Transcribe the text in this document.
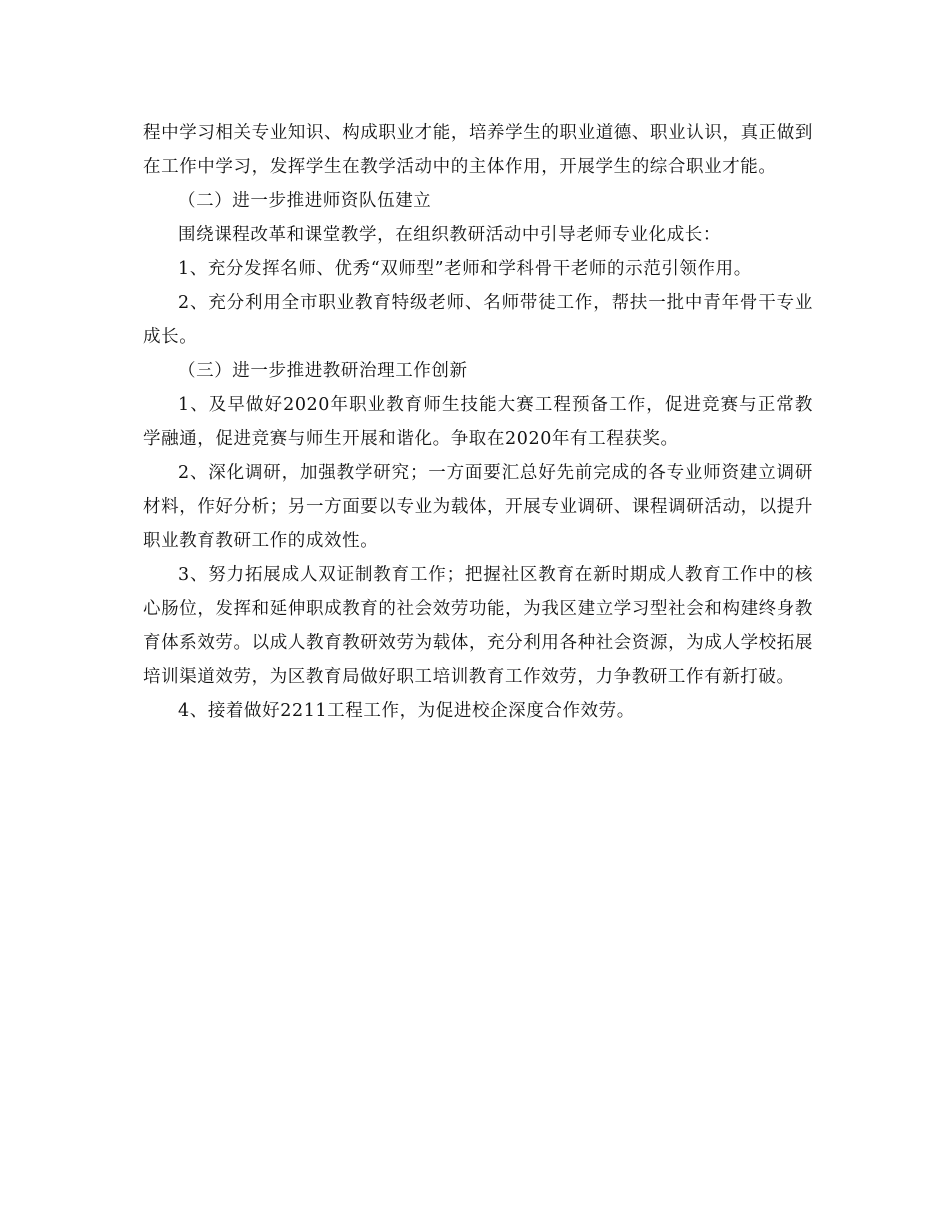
程中学习相关专业知识、构成职业才能，培养学生的职业道德、职业认识，真正做到在工作中学习，发挥学生在教学活动中的主体作用，开展学生的综合职业才能。

（二）进一步推进师资队伍建立

围绕课程改革和课堂教学，在组织教研活动中引导老师专业化成长：

1、充分发挥名师、优秀“双师型”老师和学科骨干老师的示范引领作用。

2、充分利用全市职业教育特级老师、名师带徒工作，帮扶一批中青年骨干专业成长。

（三）进一步推进教研治理工作创新

1、及早做好2020年职业教育师生技能大赛工程预备工作，促进竞赛与正常教学融通，促进竞赛与师生开展和谐化。争取在2020年有工程获奖。

2、深化调研，加强教学研究；一方面要汇总好先前完成的各专业师资建立调研材料，作好分析；另一方面要以专业为载体，开展专业调研、课程调研活动，以提升职业教育教研工作的成效性。

3、努力拓展成人双证制教育工作；把握社区教育在新时期成人教育工作中的核心肠位，发挥和延伸职成教育的社会效劳功能，为我区建立学习型社会和构建终身教育体系效劳。以成人教育教研效劳为载体，充分利用各种社会资源，为成人学校拓展培训渠道效劳，为区教育局做好职工培训教育工作效劳，力争教研工作有新打破。

4、接着做好2211工程工作，为促进校企深度合作效劳。
